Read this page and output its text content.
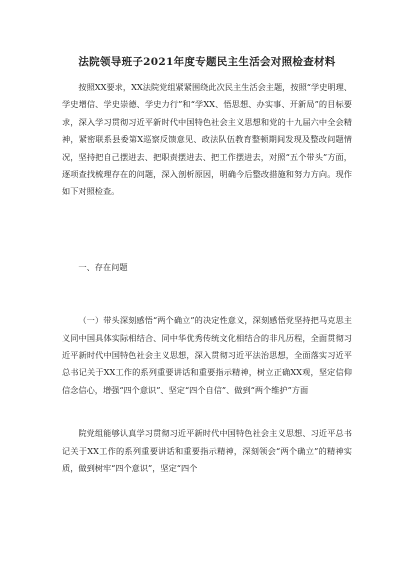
法院领导班子2021年度专题民主生活会对照检查材料

按照XX要求，XX法院党组紧紧围绕此次民主生活会主题，按照“学史明理、学史增信、学史崇德、学史力行”和“学XX、悟思想、办实事、开新局”的目标要求，深入学习贯彻习近平新时代中国特色社会主义思想和党的十九届六中全会精神，紧密联系县委第X巡察反馈意见、政法队伍教育整顿期间发现及整改问题情况，坚持把自己摆进去、把职责摆进去、把工作摆进去，对照“五个带头”方面，逐项查找梳理存在的问题，深入剖析原因，明确今后整改措施和努力方向。现作如下对照检查。

一、存在问题

（一）带头深刻感悟“两个确立”的决定性意义，深刻感悟党坚持把马克思主义同中国具体实际相结合、同中华优秀传统文化相结合的非凡历程，全面贯彻习近平新时代中国特色社会主义思想，深入贯彻习近平法治思想，全面落实习近平总书记关于XX工作的系列重要讲话和重要指示精神，树立正确XX观，坚定信仰信念信心，增强“四个意识”、坚定“四个自信”、做到“两个维护”方面

院党组能够认真学习贯彻习近平新时代中国特色社会主义思想、习近平总书记关于XX工作的系列重要讲话和重要指示精神，深刻领会“两个确立”的精神实质，做到树牢“四个意识”，坚定“四个
